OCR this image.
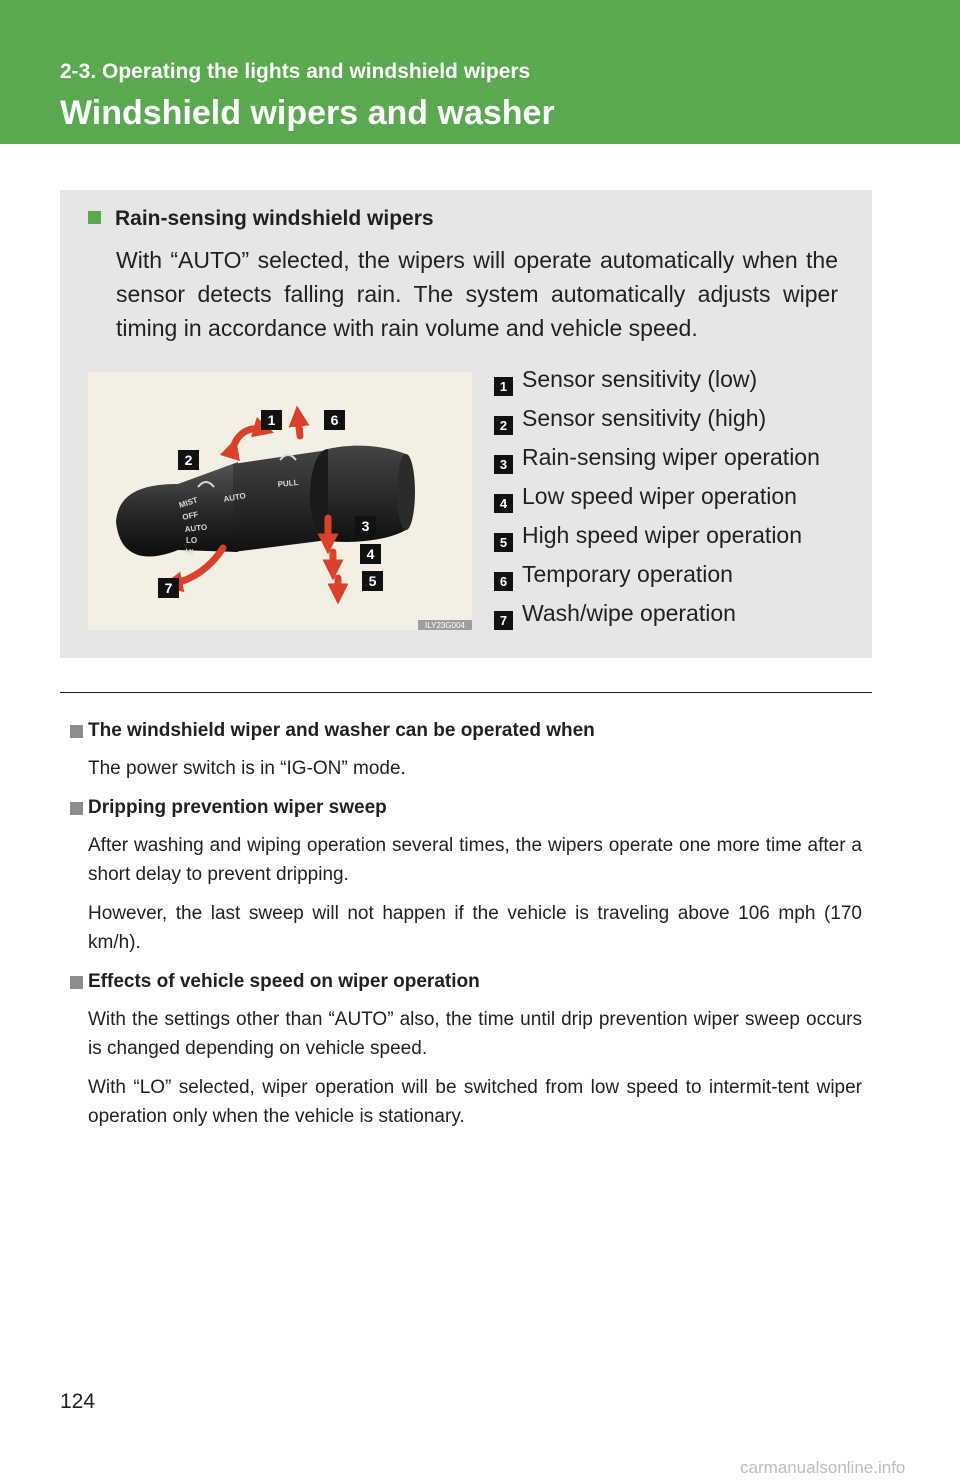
2-3. Operating the lights and windshield wipers
Windshield wipers and washer
Rain-sensing windshield wipers
With “AUTO” selected, the wipers will operate automatically when the sensor detects falling rain. The system automatically adjusts wiper timing in accordance with rain volume and vehicle speed.
MIST
OFF
AUTO
LO
HI
AUTO
PULL
1
2
3
4
5
6
7
ILY23G004
1 Sensor sensitivity (low)
2 Sensor sensitivity (high)
3 Rain-sensing wiper operation
4 Low speed wiper operation
5 High speed wiper operation
6 Temporary operation
7 Wash/wipe operation
The windshield wiper and washer can be operated when

The power switch is in “IG-ON” mode.

Dripping prevention wiper sweep

After washing and wiping operation several times, the wipers operate one more time after a short delay to prevent dripping.

However, the last sweep will not happen if the vehicle is traveling above 106 mph (170 km/h).

Effects of vehicle speed on wiper operation

With the settings other than “AUTO” also, the time until drip prevention wiper sweep occurs is changed depending on vehicle speed.

With “LO” selected, wiper operation will be switched from low speed to intermit-tent wiper operation only when the vehicle is stationary.

124
carmanualsonline.info
